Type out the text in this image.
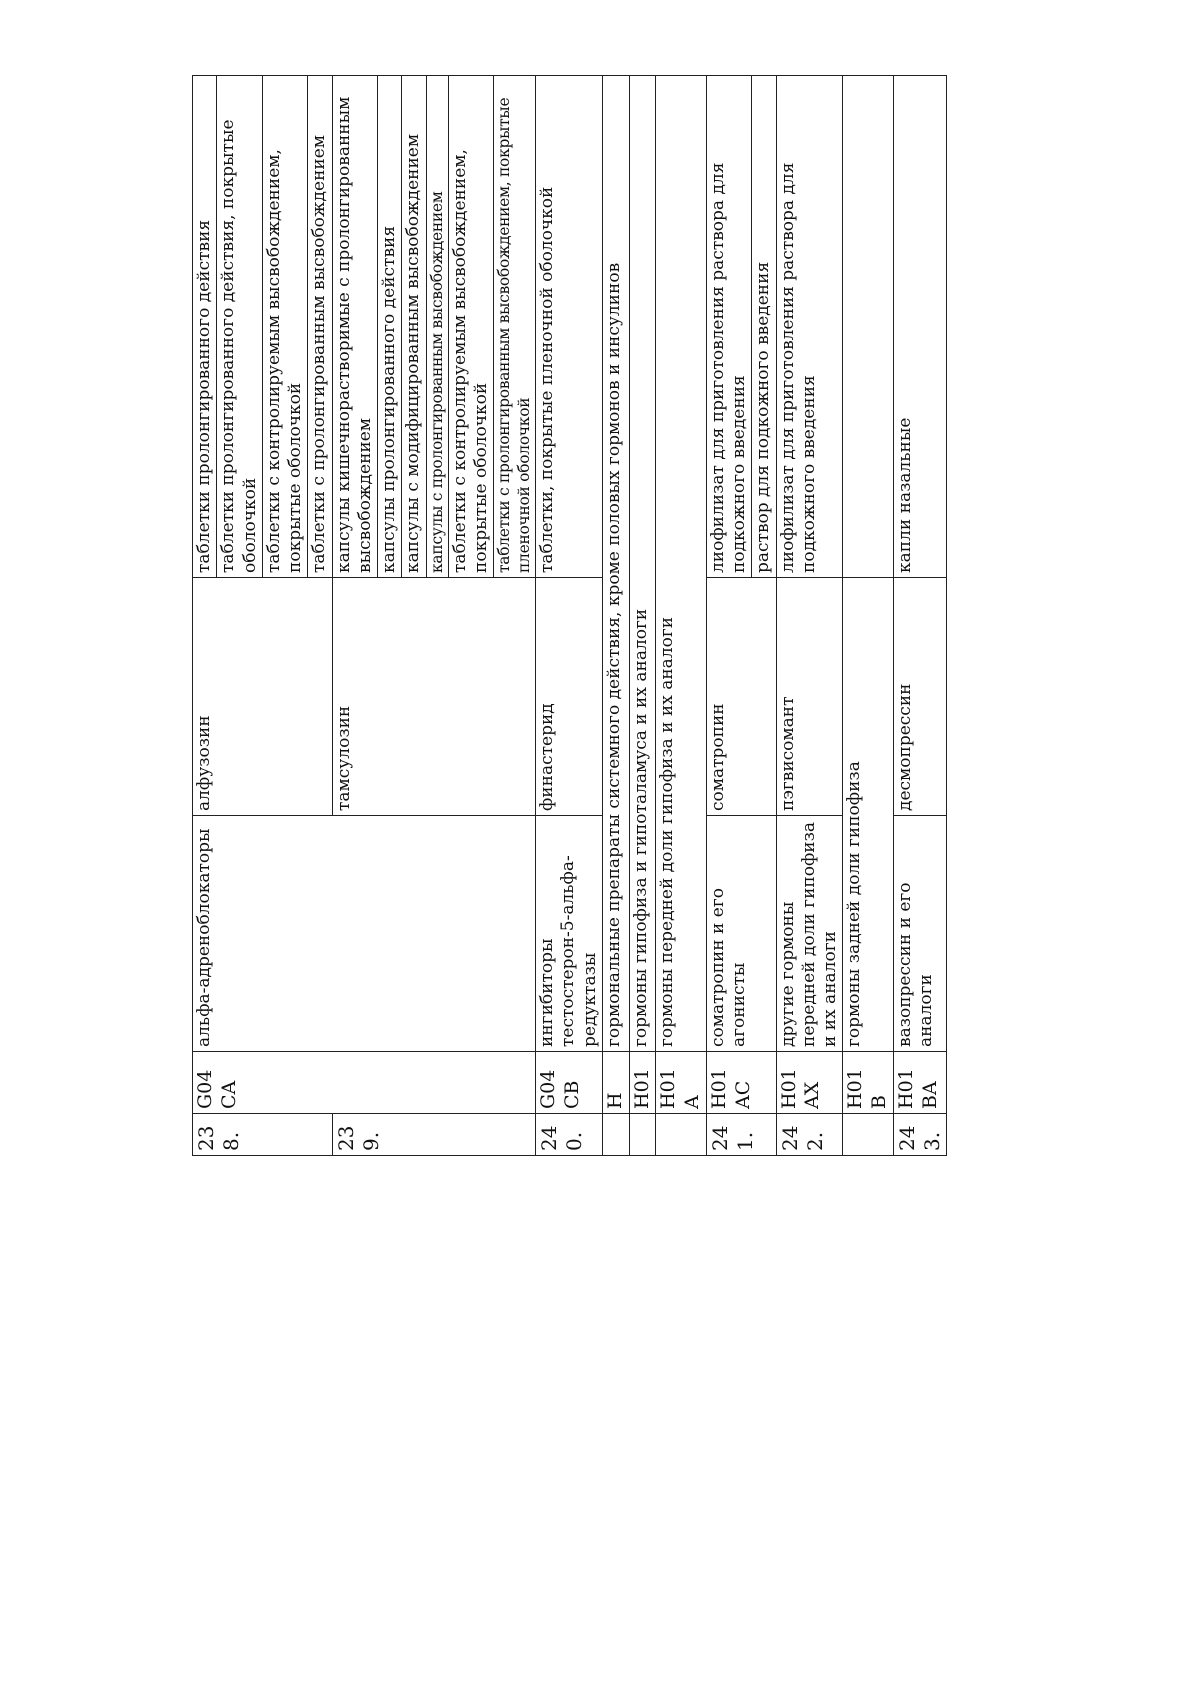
238.	G04CA	альфа-адреноблокаторы	алфузозин	таблетки пролонгированного действия
				таблетки пролонгированного действия, покрытые оболочкой
				таблетки с контролируемым высвобождением, покрытые оболочкой
				таблетки с пролонгированным высвобождением
239.			тамсулозин	капсулы кишечнорастворимые с пролонгированным высвобождением
				капсулы пролонгированного действия
				капсулы с модифицированным высвобождением
				капсулы с пролонгированным высвобождением
				таблетки с контролируемым высвобождением, покрытые оболочкой
				таблетки с пролонгированным высвобождением, покрытые пленочной оболочкой
240.	G04CB	ингибиторы тестостерон-5-альфа-редуктазы	финастерид	таблетки, покрытые пленочной оболочкой
	H	гормональные препараты системного действия, кроме половых гормонов и инсулинов		
	H01	гормоны гипофиза и гипоталамуса и их аналоги		
	H01A	гормоны передней доли гипофиза и их аналоги		
241.	H01AC	соматропин и его агонисты	соматропин	лиофилизат для приготовления раствора для подкожного введения
				раствор для подкожного введения
242.	H01AX	другие гормоны передней доли гипофиза и их аналоги	пэгвисомант	лиофилизат для приготовления раствора для подкожного введения
	H01B	гормоны задней доли гипофиза		
243.	H01BA	вазопрессин и его аналоги	десмопрессин	капли назальные
